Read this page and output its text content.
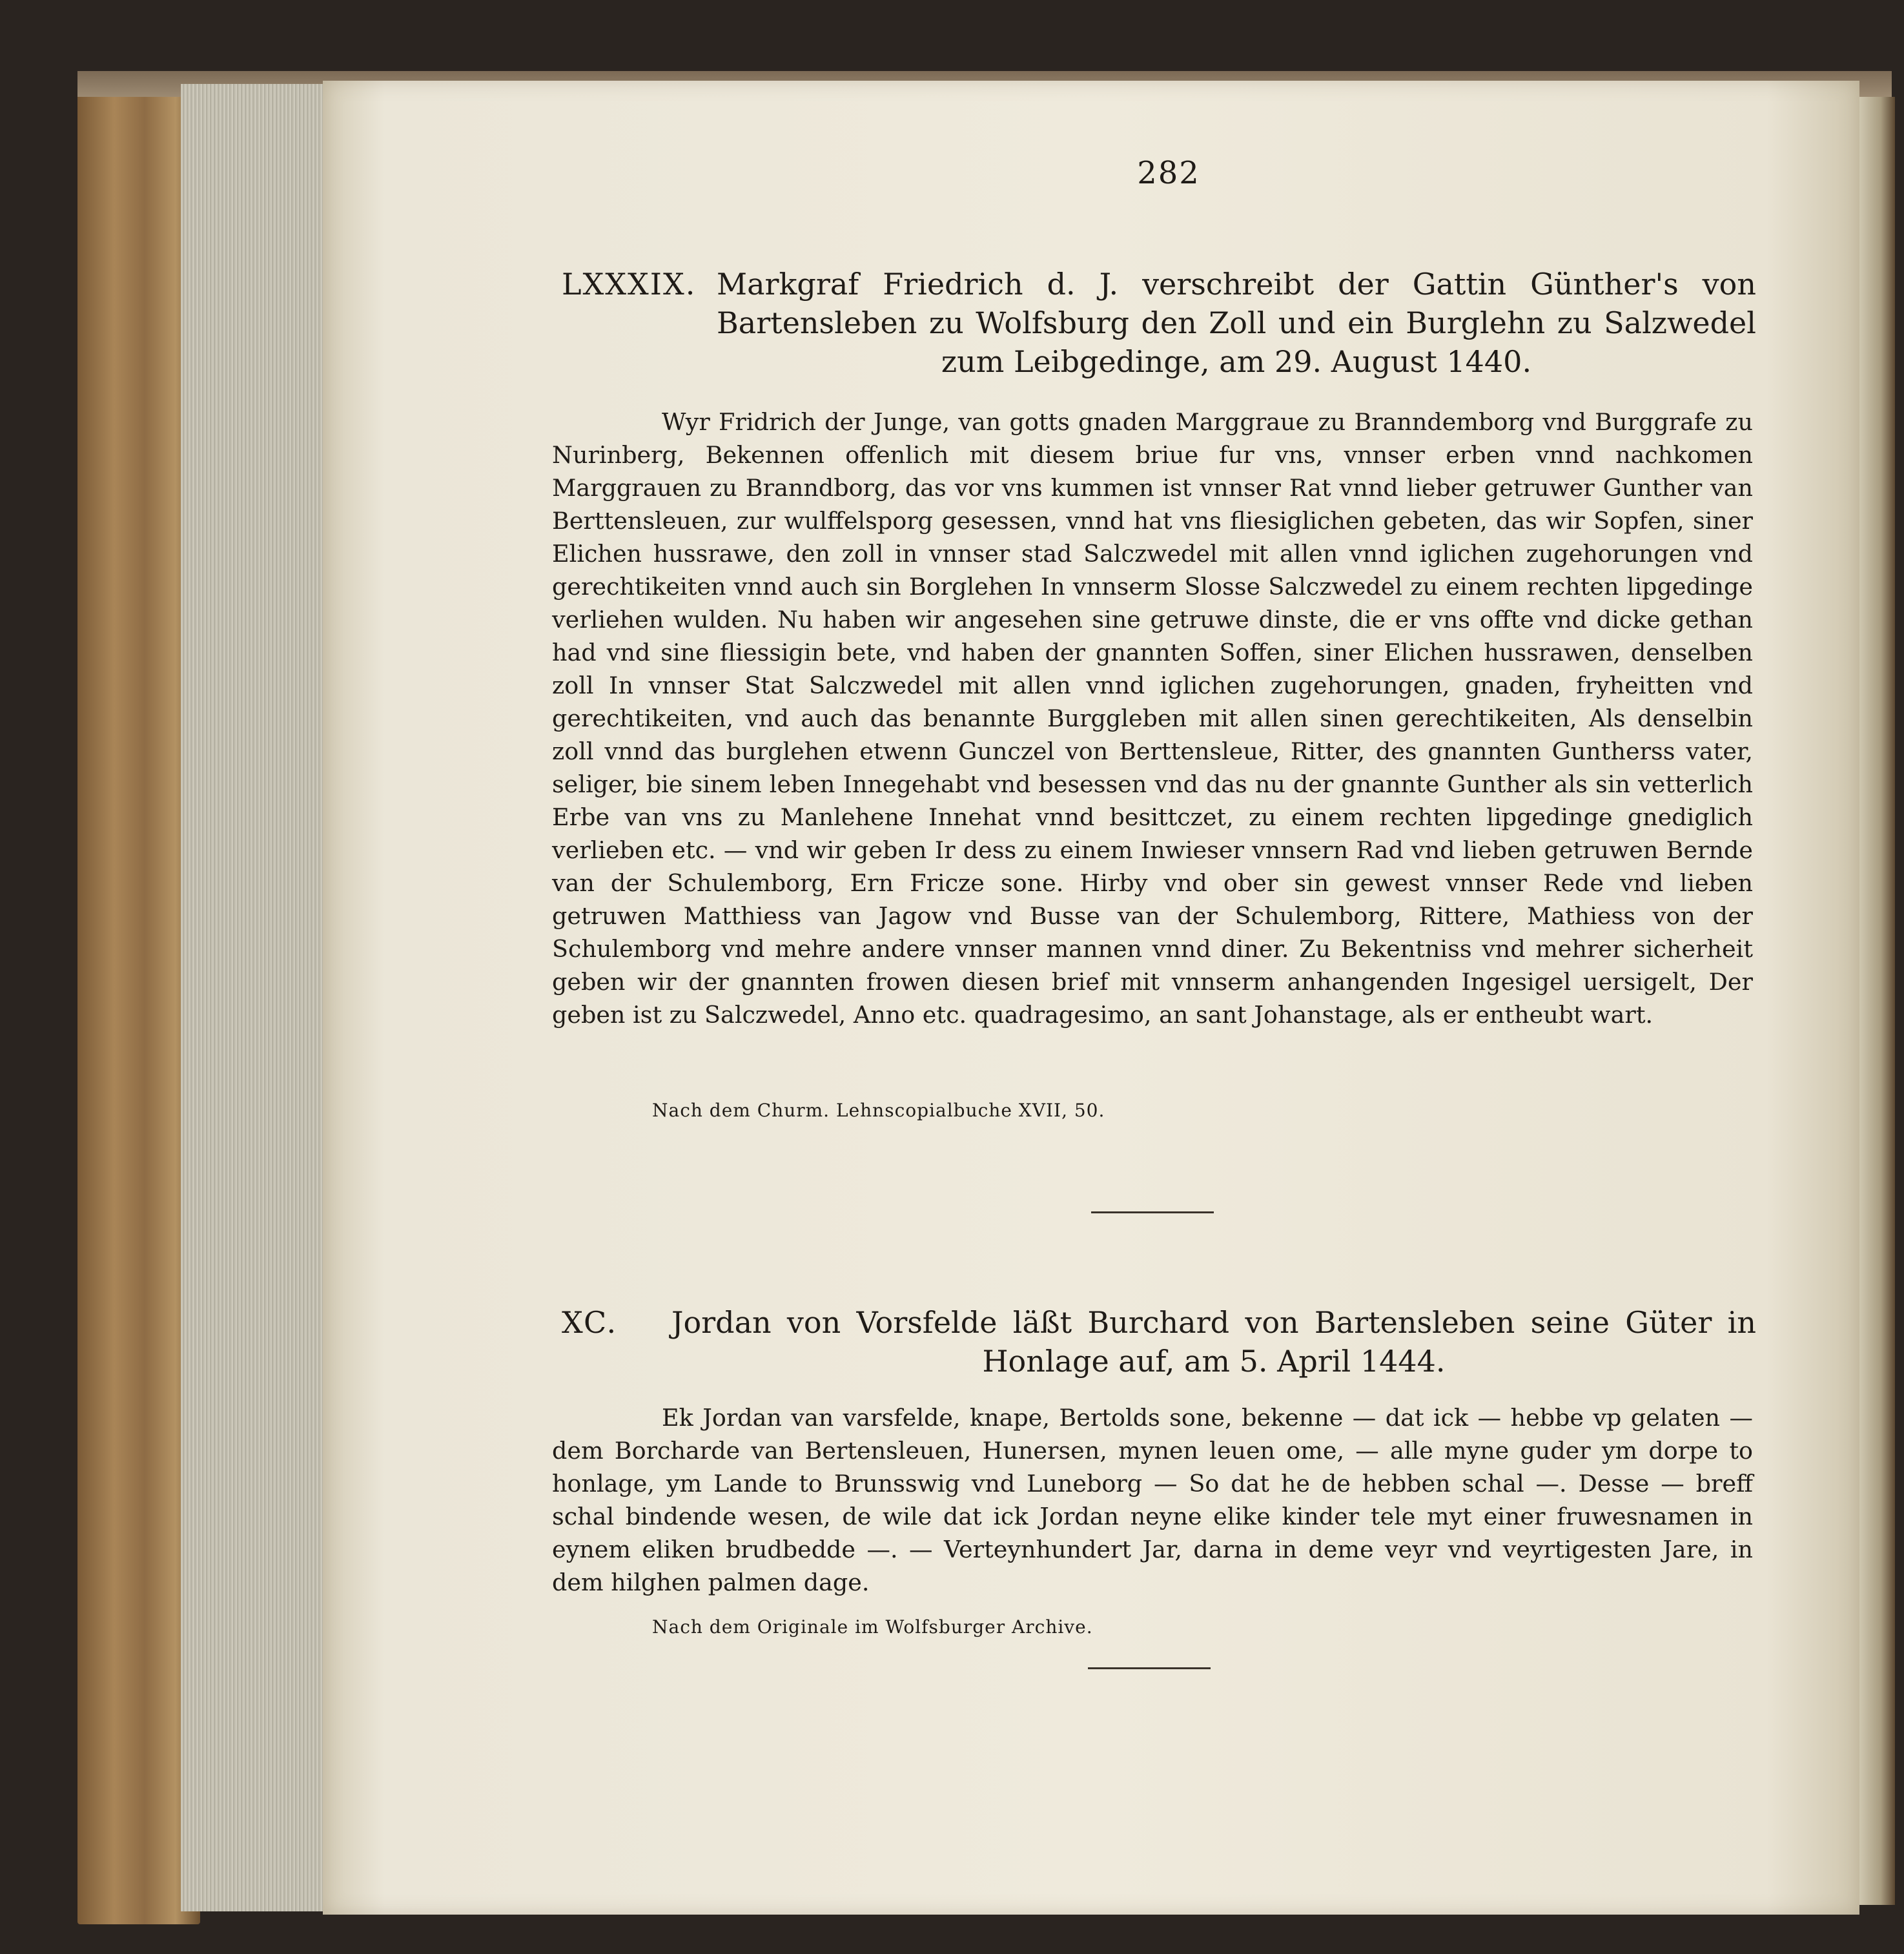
282
LXXXIX. Markgraf Friedrich d. J. verschreibt der Gattin Günther's von Bartensleben zu Wolfsburg den Zoll und ein Burglehn zu Salzwedel zum Leibgedinge, am 29. August 1440.
Wyr Fridrich der Junge, van gotts gnaden Marggraue zu Branndemborg vnd Burggrafe zu Nurinberg, Bekennen offenlich mit diesem briue fur vns, vnnser erben vnnd nachkomen Marggrauen zu Branndborg, das vor vns kummen ist vnnser Rat vnnd lieber getruwer Gunther van Berttensleuen, zur wulffelsporg gesessen, vnnd hat vns fliesiglichen gebeten, das wir Sopfen, siner Elichen hussrawe, den zoll in vnnser stad Salczwedel mit allen vnnd iglichen zugehorungen vnd gerechtikeiten vnnd auch sin Borglehen In vnnserm Slosse Salczwedel zu einem rechten lipgedinge verliehen wulden. Nu haben wir angesehen sine getruwe dinste, die er vns offte vnd dicke gethan had vnd sine fliessigin bete, vnd haben der gnannten Soffen, siner Elichen hussrawen, denselben zoll In vnnser Stat Salczwedel mit allen vnnd iglichen zugehorungen, gnaden, fryheitten vnd gerechtikeiten, vnd auch das benannte Burggleben mit allen sinen gerechtikeiten, Als denselbin zoll vnnd das burglehen etwenn Gunczel von Berttensleue, Ritter, des gnannten Guntherss vater, seliger, bie sinem leben Innegehabt vnd besessen vnd das nu der gnannte Gunther als sin vetterlich Erbe van vns zu Manlehene Innehat vnnd besittczet, zu einem rechten lipgedinge gnediglich verlieben etc. — vnd wir geben Ir dess zu einem Inwieser vnnsern Rad vnd lieben getruwen Bernde van der Schulemborg, Ern Fricze sone. Hirby vnd ober sin gewest vnnser Rede vnd lieben getruwen Matthiess van Jagow vnd Busse van der Schulemborg, Rittere, Mathiess von der Schulemborg vnd mehre andere vnnser mannen vnnd diner. Zu Bekentniss vnd mehrer sicherheit geben wir der gnannten frowen diesen brief mit vnnserm anhangenden Ingesigel uersigelt, Der geben ist zu Salczwedel, Anno etc. quadragesimo, an sant Johanstage, als er entheubt wart.
Nach dem Churm. Lehnscopialbuche XVII, 50.
XC. Jordan von Vorsfelde läßt Burchard von Bartensleben seine Güter in Honlage auf, am 5. April 1444.
Ek Jordan van varsfelde, knape, Bertolds sone, bekenne — dat ick — hebbe vp gelaten — dem Borcharde van Bertensleuen, Hunersen, mynen leuen ome, — alle myne guder ym dorpe to honlage, ym Lande to Brunsswig vnd Luneborg — So dat he de hebben schal —. Desse — breff schal bindende wesen, de wile dat ick Jordan neyne elike kinder tele myt einer fruwesnamen in eynem eliken brudbedde —. — Verteynhundert Jar, darna in deme veyr vnd veyrtigesten Jare, in dem hilghen palmen dage.
Nach dem Originale im Wolfsburger Archive.
